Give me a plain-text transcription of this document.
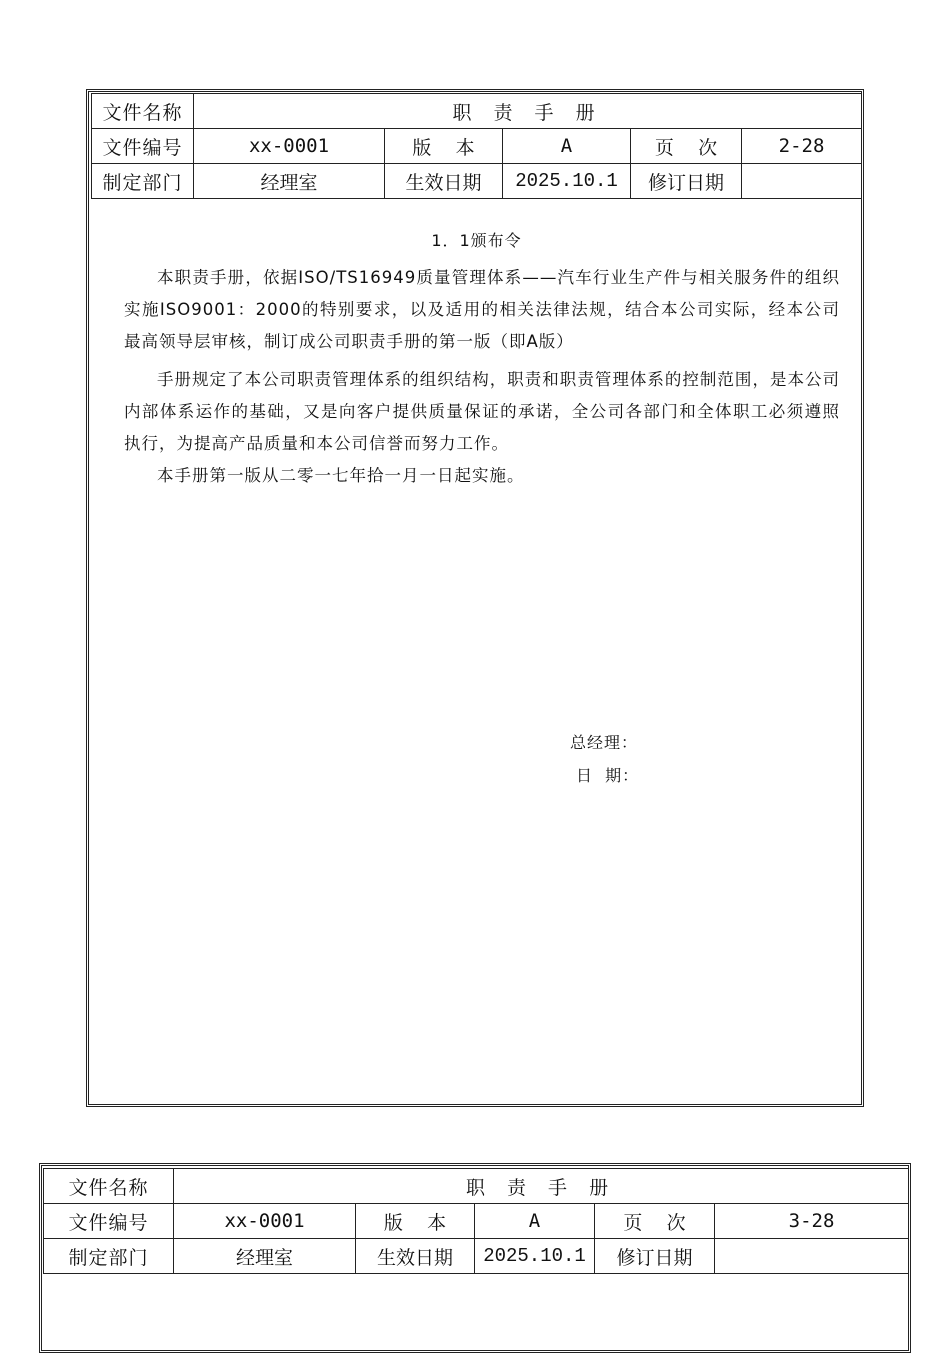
文件名称	职 责 手 册				
文件编号	xx-0001	版    本	A	页    次	2-28
制定部门	经理室	生效日期	2025.10.1	修订日期	
1．1颁布令

本职责手册，依据ISO/TS16949质量管理体系——汽车行业生产件与相关服务件的组织实施ISO9001：2000的特别要求，以及适用的相关法律法规，结合本公司实际，经本公司最高领导层审核，制订成公司职责手册的第一版（即A版）

手册规定了本公司职责管理体系的组织结构，职责和职责管理体系的控制范围，是本公司内部体系运作的基础，又是向客户提供质量保证的承诺，全公司各部门和全体职工必须遵照执行，为提高产品质量和本公司信誉而努力工作。

本手册第一版从二零一七年拾一月一日起实施。

总经理：
日  期：
文件名称	职 责 手 册				
文件编号	xx-0001	版    本	A	页    次	3-28
制定部门	经理室	生效日期	2025.10.1	修订日期	
